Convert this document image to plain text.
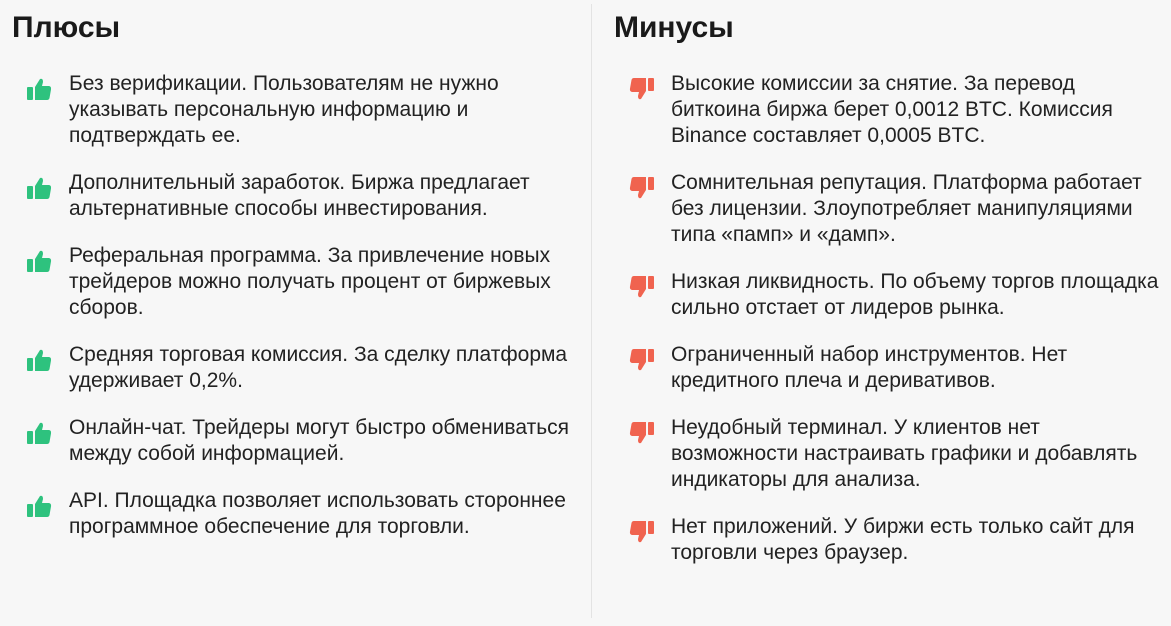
Плюсы
Без верификации. Пользователям не нужно указывать персональную информацию и подтверждать ее.
Дополнительный заработок. Биржа предлагает альтернативные способы инвестирования.
Реферальная программа. За привлечение новых трейдеров можно получать процент от биржевых сборов.
Средняя торговая комиссия. За сделку платформа удерживает 0,2%.
Онлайн-чат. Трейдеры могут быстро обмениваться между собой информацией.
API. Площадка позволяет использовать стороннее программное обеспечение для торговли.
Минусы
Высокие комиссии за снятие. За перевод биткоина биржа берет 0,0012 BTC. Комиссия Binance составляет 0,0005 BTC.
Сомнительная репутация. Платформа работает без лицензии. Злоупотребляет манипуляциями типа «памп» и «дамп».
Низкая ликвидность. По объему торгов площадка сильно отстает от лидеров рынка.
Ограниченный набор инструментов. Нет кредитного плеча и деривативов.
Неудобный терминал. У клиентов нет возможности настраивать графики и добавлять индикаторы для анализа.
Нет приложений. У биржи есть только сайт для торговли через браузер.
